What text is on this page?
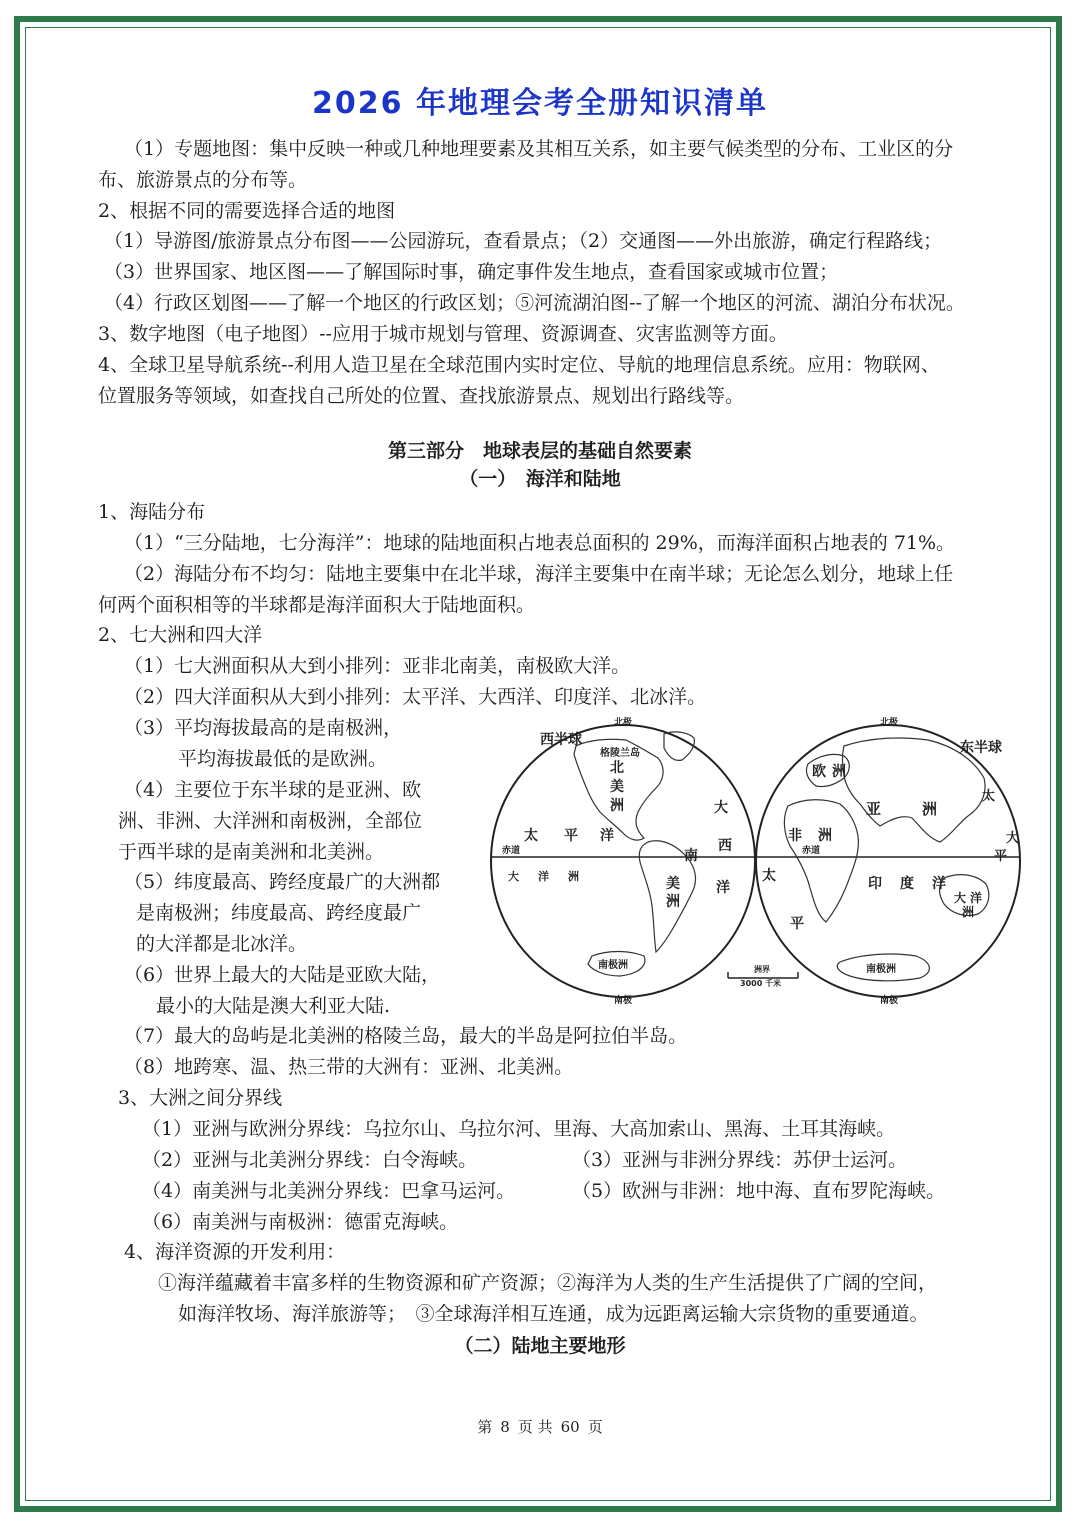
2026 年地理会考全册知识清单

（1）专题地图：集中反映一种或几种地理要素及其相互关系，如主要气候类型的分布、工业区的分

布、旅游景点的分布等。

2、根据不同的需要选择合适的地图

（1）导游图/旅游景点分布图——公园游玩，查看景点；（2）交通图——外出旅游，确定行程路线；

（3）世界国家、地区图——了解国际时事，确定事件发生地点，查看国家或城市位置；

（4）行政区划图——了解一个地区的行政区划；⑤河流湖泊图--了解一个地区的河流、湖泊分布状况。

3、数字地图（电子地图）--应用于城市规划与管理、资源调查、灾害监测等方面。

4、全球卫星导航系统--利用人造卫星在全球范围内实时定位、导航的地理信息系统。应用：物联网、

位置服务等领域，如查找自己所处的位置、查找旅游景点、规划出行路线等。

第三部分　地球表层的基础自然要素

（一）　海洋和陆地

1、海陆分布

（1）“三分陆地，七分海洋”：地球的陆地面积占地表总面积的 29%，而海洋面积占地表的 71%。

（2）海陆分布不均匀：陆地主要集中在北半球，海洋主要集中在南半球；无论怎么划分，地球上任

何两个面积相等的半球都是海洋面积大于陆地面积。

2、七大洲和四大洋

（1）七大洲面积从大到小排列：亚非北南美，南极欧大洋。

（2）四大洋面积从大到小排列：太平洋、大西洋、印度洋、北冰洋。

（3）平均海拔最高的是南极洲，

平均海拔最低的是欧洲。

（4）主要位于东半球的是亚洲、欧

洲、非洲、大洋洲和南极洲，全部位

于西半球的是南美洲和北美洲。

（5）纬度最高、跨经度最广的大洲都

是南极洲；纬度最高、跨经度最广

的大洋都是北冰洋。

（6）世界上最大的大陆是亚欧大陆，

最小的大陆是澳大利亚大陆.

（7）最大的岛屿是北美洲的格陵兰岛，最大的半岛是阿拉伯半岛。

（8）地跨寒、温、热三带的大洲有：亚洲、北美洲。

3、大洲之间分界线

（1）亚洲与欧洲分界线：乌拉尔山、乌拉尔河、里海、大高加索山、黑海、土耳其海峡。

（2）亚洲与北美洲分界线：白令海峡。	（3）亚洲与非洲分界线：苏伊士运河。

（4）南美洲与北美洲分界线：巴拿马运河。	（5）欧洲与非洲：地中海、直布罗陀海峡。

（6）南美洲与南极洲：德雷克海峡。

4、海洋资源的开发利用：

①海洋蕴藏着丰富多样的生物资源和矿产资源；②海洋为人类的生产生活提供了广阔的空间，

如海洋牧场、海洋旅游等；　③全球海洋相互连通，成为远距离运输大宗货物的重要通道。

（二）陆地主要地形

西半球	东半球
北极	北极
南极	南极
赤道	赤道
格陵兰岛
北
美
洲
太 平 洋
大
西
洋
大 洋 洲
南
美
洲
南极洲
欧 洲
亚	洲
非 洲
太
平
印 度 洋
太
平
大
大 洋
洲
南极洲
洲界
3000 千米
第 8 页 共 60 页
